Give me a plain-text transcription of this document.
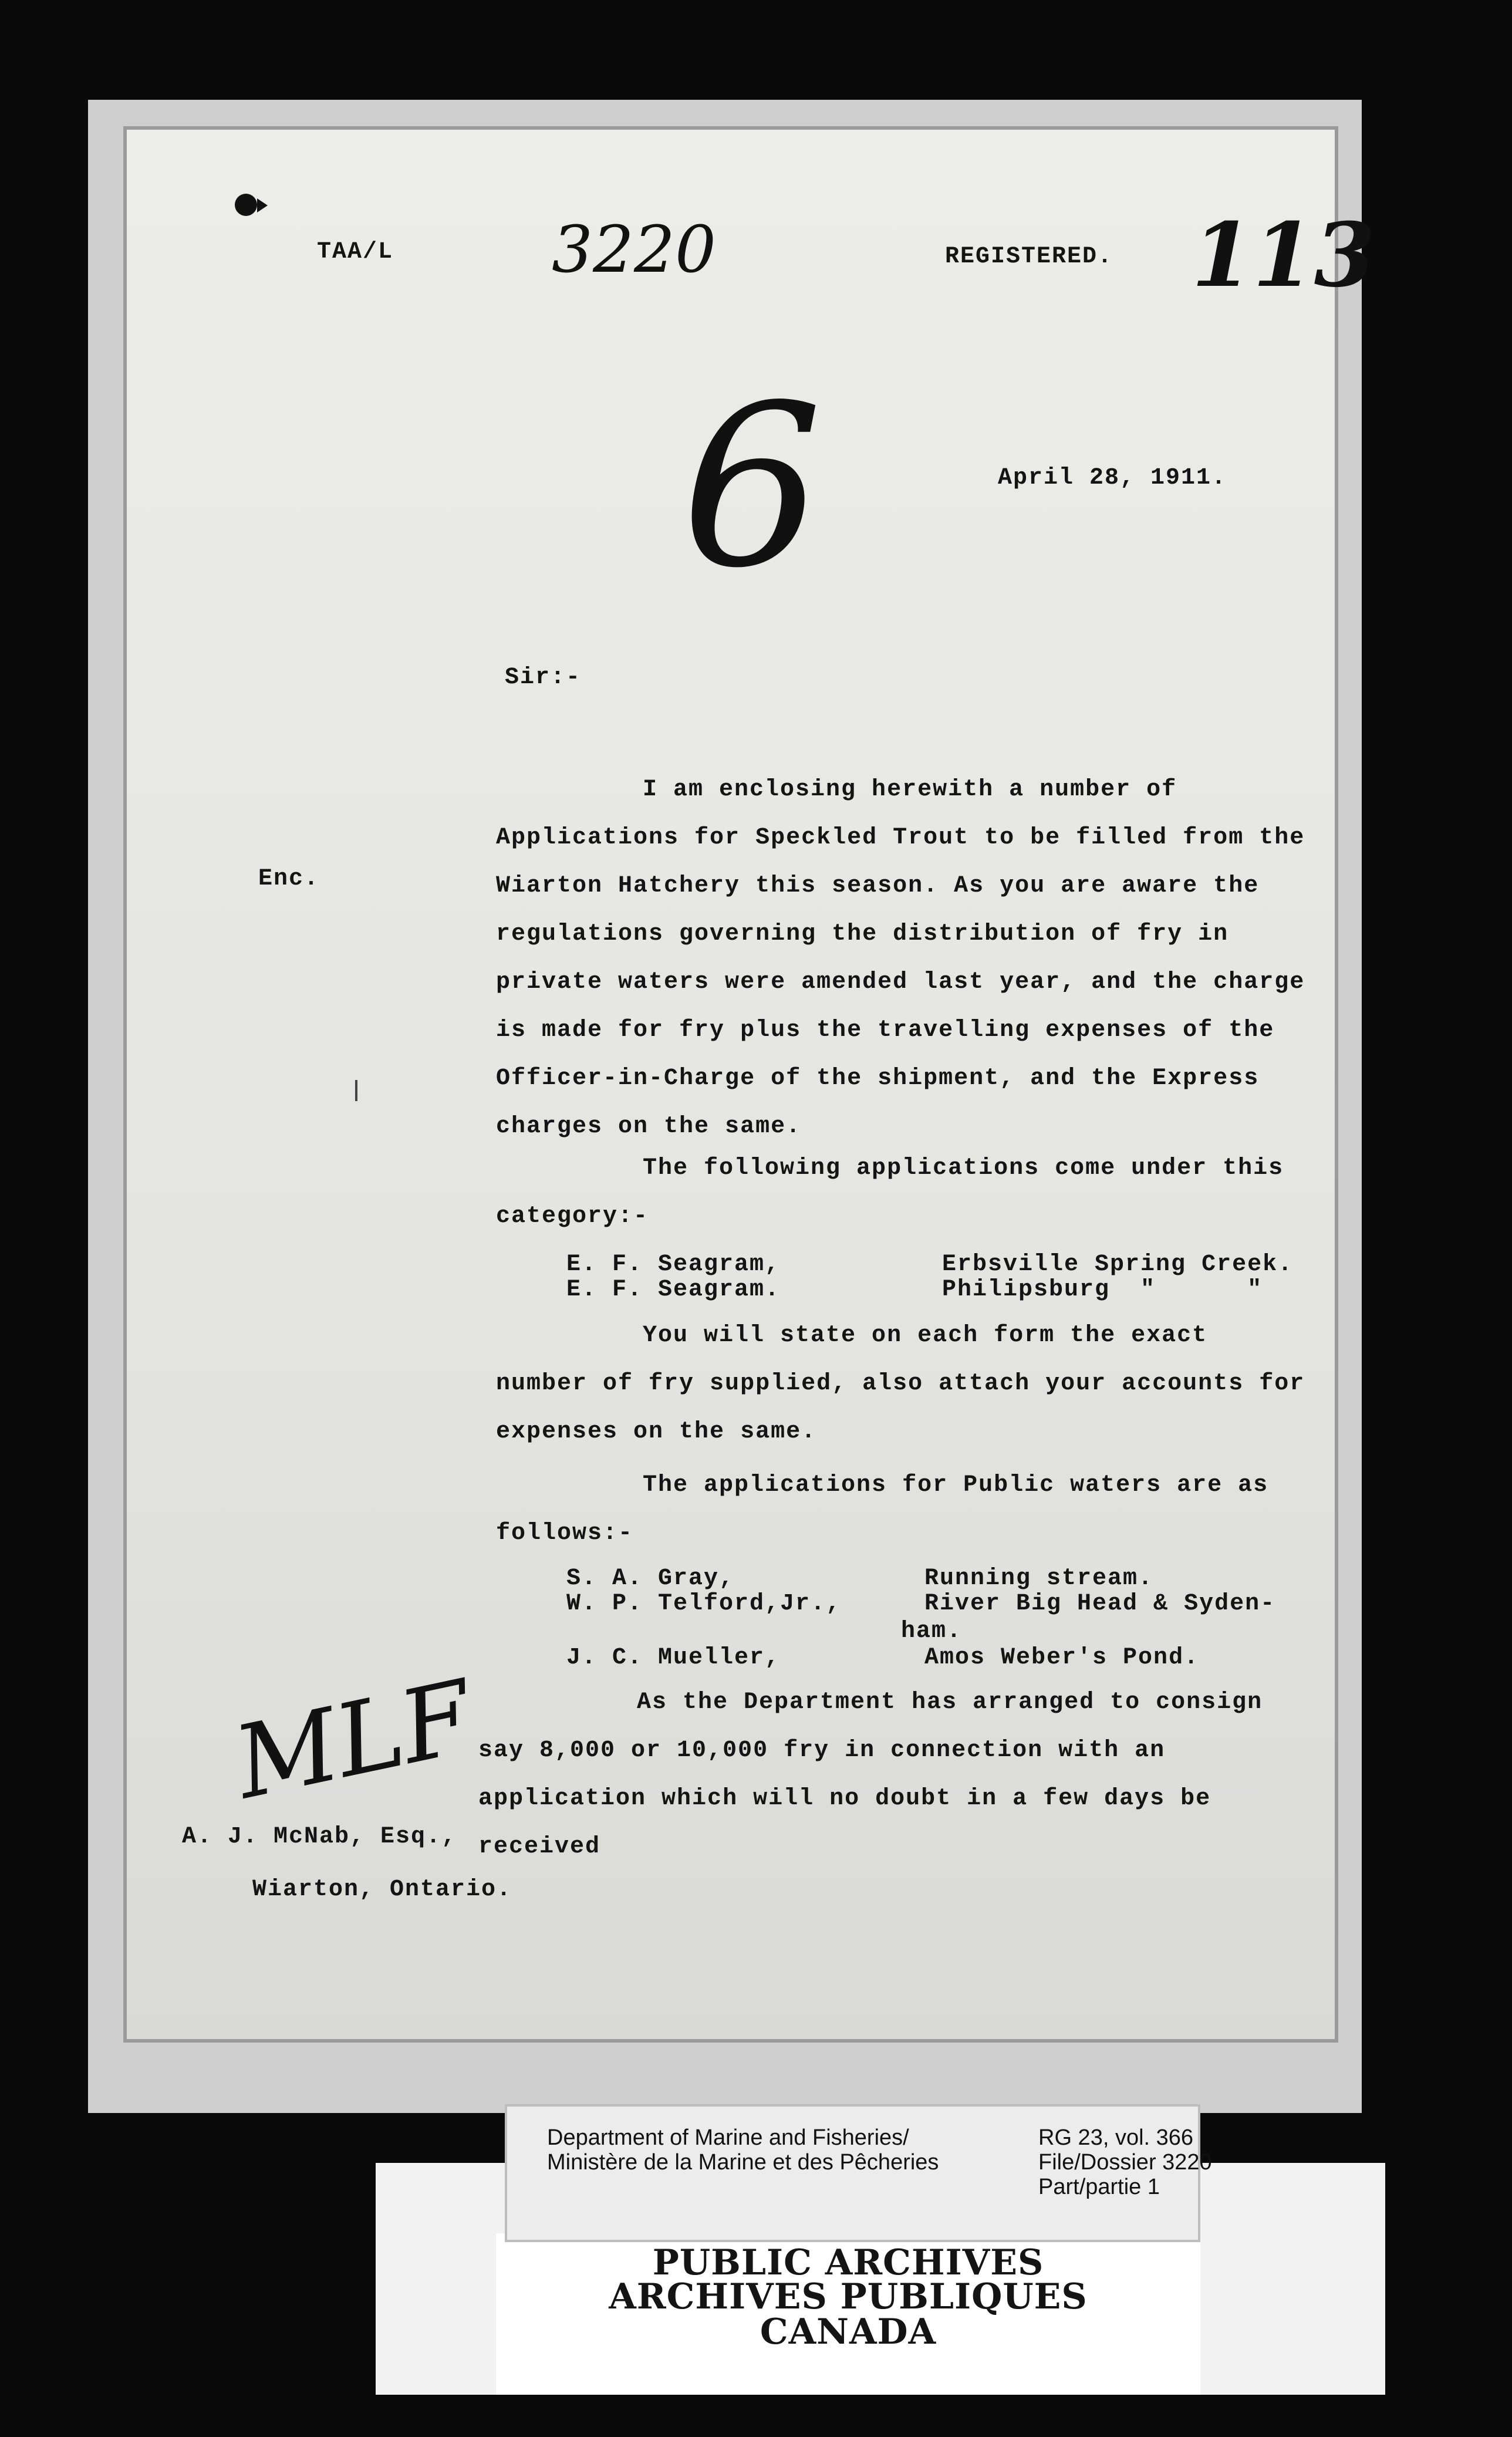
TAA/L 3220	REGISTERED. 113
April 28, 1911.
6
Sir:-
Enc.
I am enclosing herewith a number of Applications for Speckled Trout to be filled from the Wiarton Hatchery this season. As you are aware the regulations governing the distribution of fry in private waters were amended last year, and the charge is made for fry plus the travelling expenses of the Officer-in-Charge of the shipment, and the Express charges on the same.
The following applications come under this category:-
E. F. Seagram,	Erbsville Spring Creek.
E. F. Seagram.	Philipsburg  "      "
You will state on each form the exact number of fry supplied, also attach your accounts for expenses on the same.
The applications for Public waters are as follows:-
S. A. Gray,	Running stream.
W. P. Telford,Jr.,	River Big Head & Syden-
ham.
J. C. Mueller,	Amos Weber's Pond.
As the Department has arranged to consign say 8,000 or 10,000 fry in connection with an application which will no doubt in a few days be received
MLF
A. J. McNab, Esq.,
Wiarton, Ontario.
PUBLIC ARCHIVES
ARCHIVES PUBLIQUES
CANADA
Department of Marine and Fisheries/
Ministère de la Marine et des Pêcheries
RG 23, vol. 366
File/Dossier 3220
Part/partie 1
